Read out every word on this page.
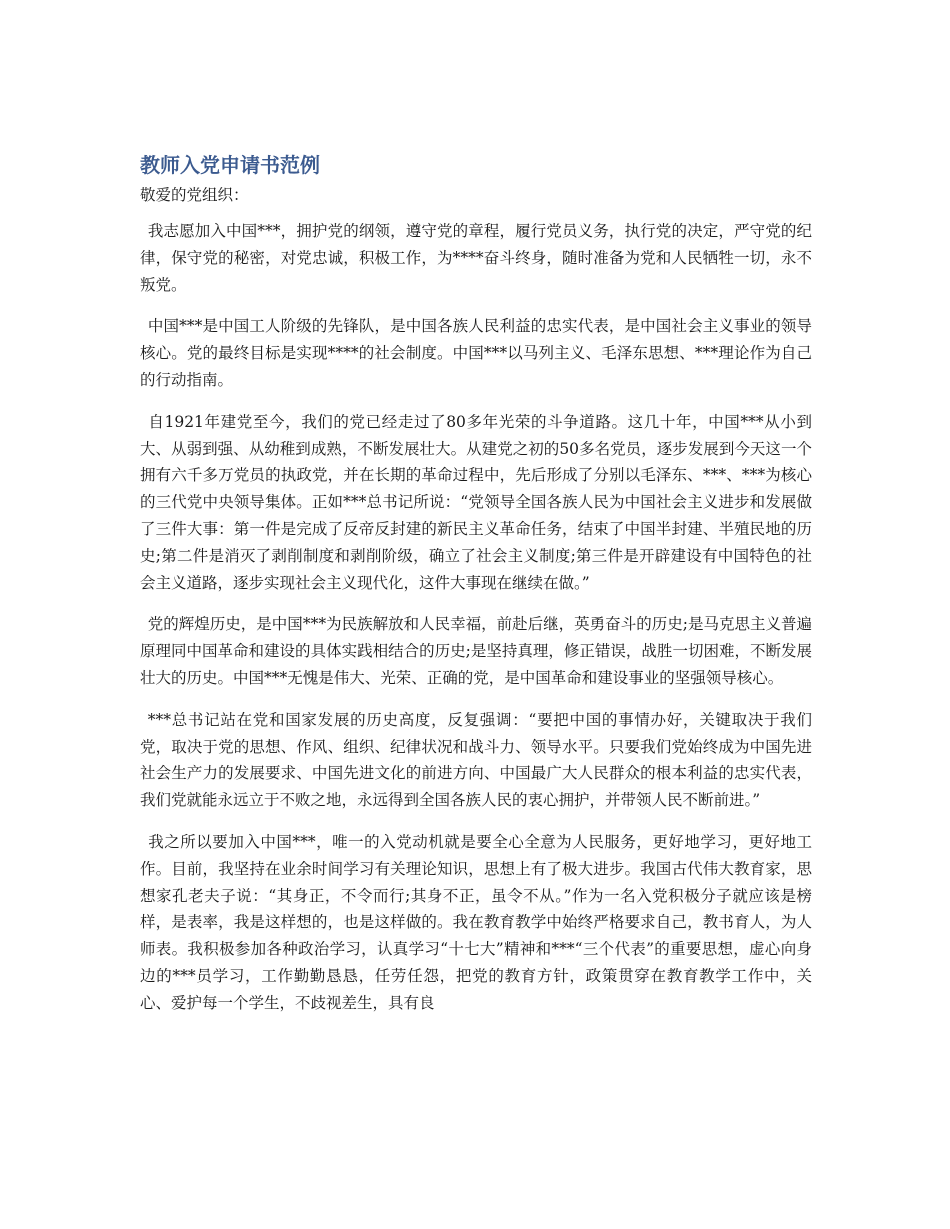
教师入党申请书范例
敬爱的党组织：

 我志愿加入中国***，拥护党的纲领，遵守党的章程，履行党员义务，执行党的决定，严守党的纪律，保守党的秘密，对党忠诚，积极工作，为****奋斗终身，随时准备为党和人民牺牲一切，永不叛党。

 中国***是中国工人阶级的先锋队，是中国各族人民利益的忠实代表，是中国社会主义事业的领导核心。党的最终目标是实现****的社会制度。中国***以马列主义、毛泽东思想、***理论作为自己的行动指南。

 自1921年建党至今，我们的党已经走过了80多年光荣的斗争道路。这几十年，中国***从小到大、从弱到强、从幼稚到成熟，不断发展壮大。从建党之初的50多名党员，逐步发展到今天这一个拥有六千多万党员的执政党，并在长期的革命过程中，先后形成了分别以毛泽东、***、***为核心的三代党中央领导集体。正如***总书记所说：“党领导全国各族人民为中国社会主义进步和发展做了三件大事：第一件是完成了反帝反封建的新民主义革命任务，结束了中国半封建、半殖民地的历史;第二件是消灭了剥削制度和剥削阶级，确立了社会主义制度;第三件是开辟建设有中国特色的社会主义道路，逐步实现社会主义现代化，这件大事现在继续在做。”

 党的辉煌历史，是中国***为民族解放和人民幸福，前赴后继，英勇奋斗的历史;是马克思主义普遍原理同中国革命和建设的具体实践相结合的历史;是坚持真理，修正错误，战胜一切困难，不断发展壮大的历史。中国***无愧是伟大、光荣、正确的党，是中国革命和建设事业的坚强领导核心。

 ***总书记站在党和国家发展的历史高度，反复强调：“要把中国的事情办好，关键取决于我们党，取决于党的思想、作风、组织、纪律状况和战斗力、领导水平。只要我们党始终成为中国先进社会生产力的发展要求、中国先进文化的前进方向、中国最广大人民群众的根本利益的忠实代表，我们党就能永远立于不败之地，永远得到全国各族人民的衷心拥护，并带领人民不断前进。”

 我之所以要加入中国***，唯一的入党动机就是要全心全意为人民服务，更好地学习，更好地工作。目前，我坚持在业余时间学习有关理论知识，思想上有了极大进步。我国古代伟大教育家，思想家孔老夫子说：“其身正，不令而行;其身不正，虽令不从。”作为一名入党积极分子就应该是榜样，是表率，我是这样想的，也是这样做的。我在教育教学中始终严格要求自己，教书育人，为人师表。我积极参加各种政治学习，认真学习“十七大”精神和***“三个代表”的重要思想，虚心向身边的***员学习，工作勤勤恳恳，任劳任怨，把党的教育方针，政策贯穿在教育教学工作中，关心、爱护每一个学生，不歧视差生，具有良
